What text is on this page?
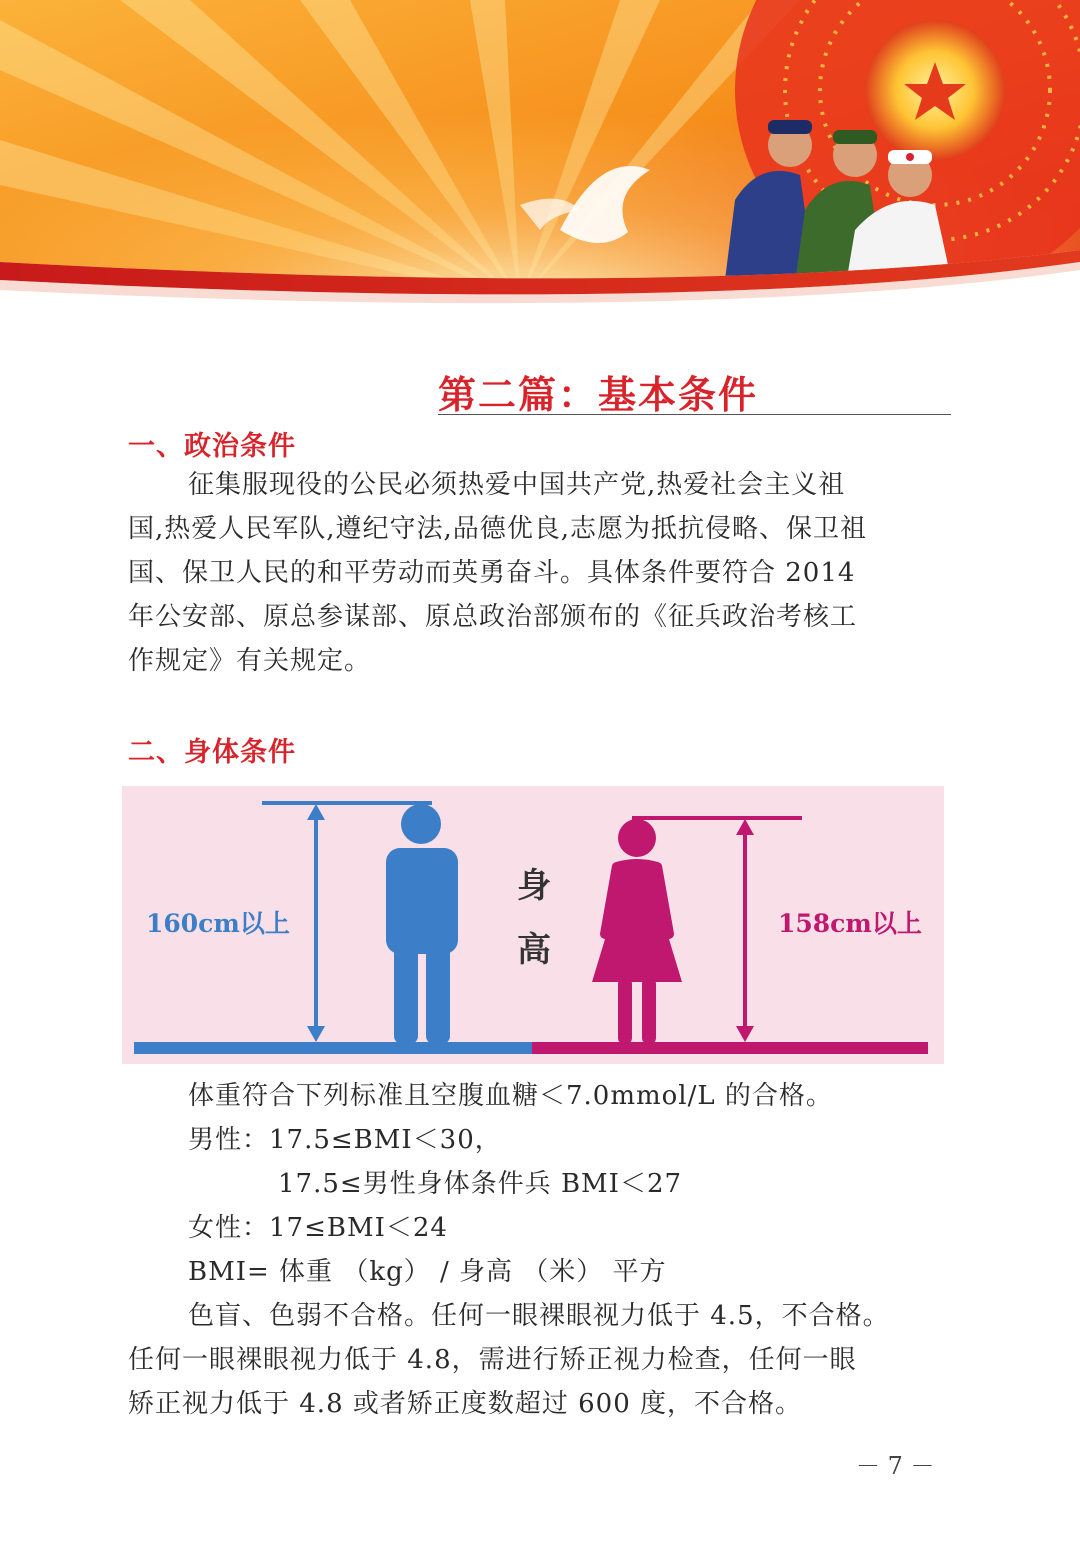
第二篇：基本条件
一、政治条件
征集服现役的公民必须热爱中国共产党,热爱社会主义祖
国,热爱人民军队,遵纪守法,品德优良,志愿为抵抗侵略、保卫祖
国、保卫人民的和平劳动而英勇奋斗。具体条件要符合 2014
年公安部、原总参谋部、原总政治部颁布的《征兵政治考核工
作规定》有关规定。
二、身体条件
160cm以上	158cm以上
身
高
体重符合下列标准且空腹血糖＜7.0mmol/L 的合格。
男性：17.5≤BMI＜30，
17.5≤男性身体条件兵 BMI＜27
女性：17≤BMI＜24
BMI= 体重 （kg） / 身高 （米） 平方
色盲、色弱不合格。任何一眼裸眼视力低于 4.5，不合格。
任何一眼裸眼视力低于 4.8，需进行矫正视力检查，任何一眼
矫正视力低于 4.8 或者矫正度数超过 600 度，不合格。
－ 7 －
